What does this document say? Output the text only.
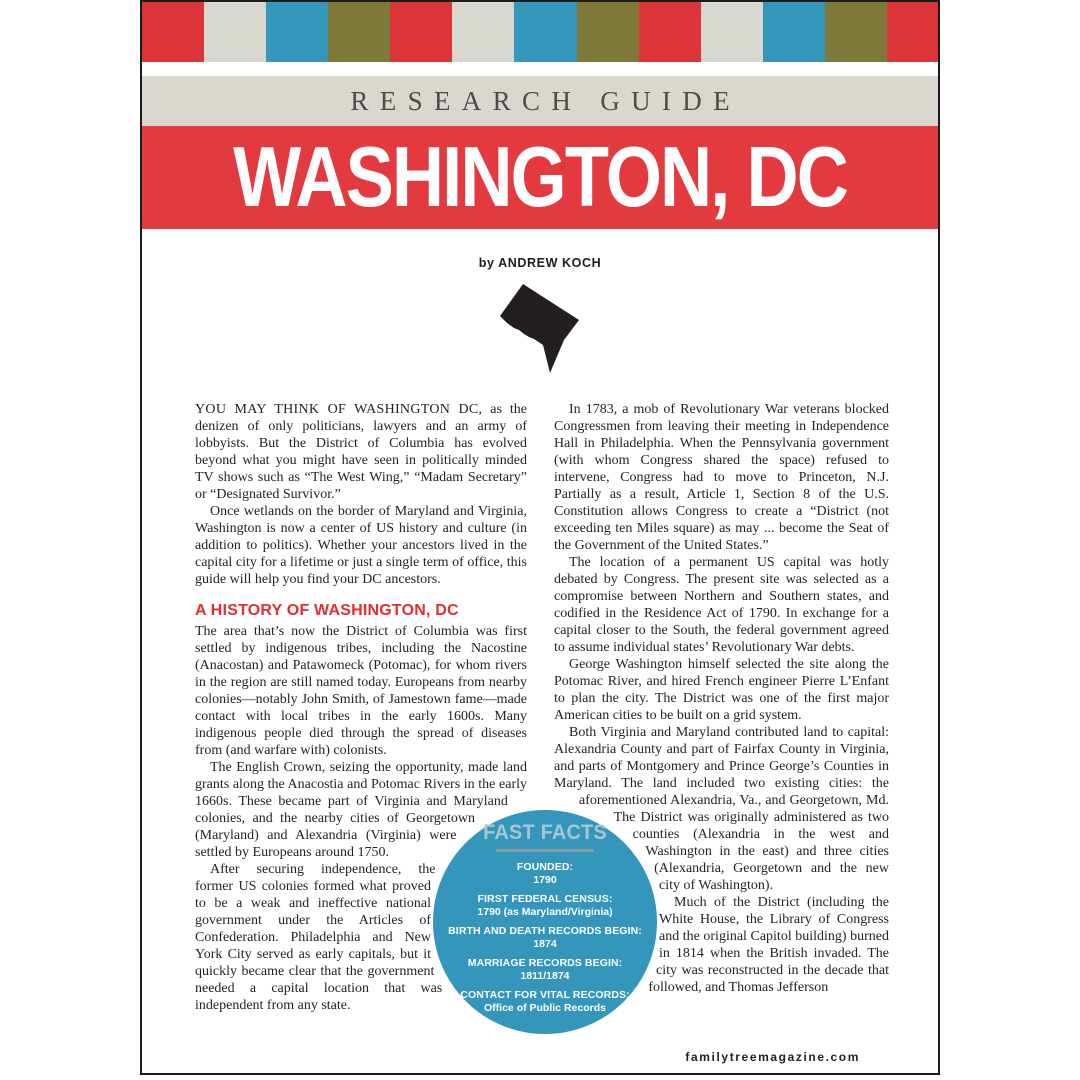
RESEARCH GUIDE
WASHINGTON, DC
by ANDREW KOCH

YOU MAY THINK OF WASHINGTON DC, as the denizen of only politicians, lawyers and an army of lobbyists. But the District of Columbia has evolved beyond what you might have seen in politically minded TV shows such as “The West Wing,” “Madam Secretary” or “Designated Survivor.”

Once wetlands on the border of Maryland and Virginia, Washington is now a center of US history and culture (in addition to politics). Whether your ancestors lived in the capital city for a lifetime or just a single term of office, this guide will help you find your DC ancestors.

A HISTORY OF WASHINGTON, DC

The area that’s now the District of Columbia was first settled by indigenous tribes, including the Nacostine (Anacostan) and Patawomeck (Potomac), for whom rivers in the region are still named today. Europeans from nearby colonies—notably John Smith, of Jamestown fame—made contact with local tribes in the early 1600s. Many indigenous people died through the spread of diseases from (and warfare with) colonists.

The English Crown, seizing the opportunity, made land grants along the Anacostia and Potomac Rivers in the early 1660s. These became part of Virginia and Maryland colonies, and the nearby cities of Georgetown (Maryland) and Alexandria (Virginia) were settled by Europeans around 1750.

After securing independence, the former US colonies formed what proved to be a weak and ineffective national government under the Articles of Confederation. Philadelphia and New York City served as early capitals, but it quickly became clear that the government needed a capital location that was independent from any state.

In 1783, a mob of Revolutionary War veterans blocked Congressmen from leaving their meeting in Independence Hall in Philadelphia. When the Pennsylvania government (with whom Congress shared the space) refused to intervene, Congress had to move to Princeton, N.J. Partially as a result, Article 1, Section 8 of the U.S. Constitution allows Congress to create a “District (not exceeding ten Miles square) as may ... become the Seat of the Government of the United States.”

The location of a permanent US capital was hotly debated by Congress. The present site was selected as a compromise between Northern and Southern states, and codified in the Residence Act of 1790. In exchange for a capital closer to the South, the federal government agreed to assume individual states’ Revolutionary War debts.

George Washington himself selected the site along the Potomac River, and hired French engineer Pierre L’Enfant to plan the city. The District was one of the first major American cities to be built on a grid system.

Both Virginia and Maryland contributed land to capital: Alexandria County and part of Fairfax County in Virginia, and parts of Montgomery and Prince George’s Counties in Maryland. The land included two existing cities: the aforementioned Alexandria, Va., and Georgetown, Md. The District was originally administered as two counties (Alexandria in the west and Washington in the east) and three cities (Alexandria, Georgetown and the new city of Washington).

Much of the District (including the White House, the Library of Congress and the original Capitol building) burned in 1814 when the British invaded. The city was reconstructed in the decade that followed, and Thomas Jefferson

FAST FACTS
FOUNDED:
1790
FIRST FEDERAL CENSUS:
1790 (as Maryland/Virginia)
BIRTH AND DEATH RECORDS BEGIN:
1874
MARRIAGE RECORDS BEGIN:
1811/1874
CONTACT FOR VITAL RECORDS:
Office of Public Records
familytreemagazine.com
